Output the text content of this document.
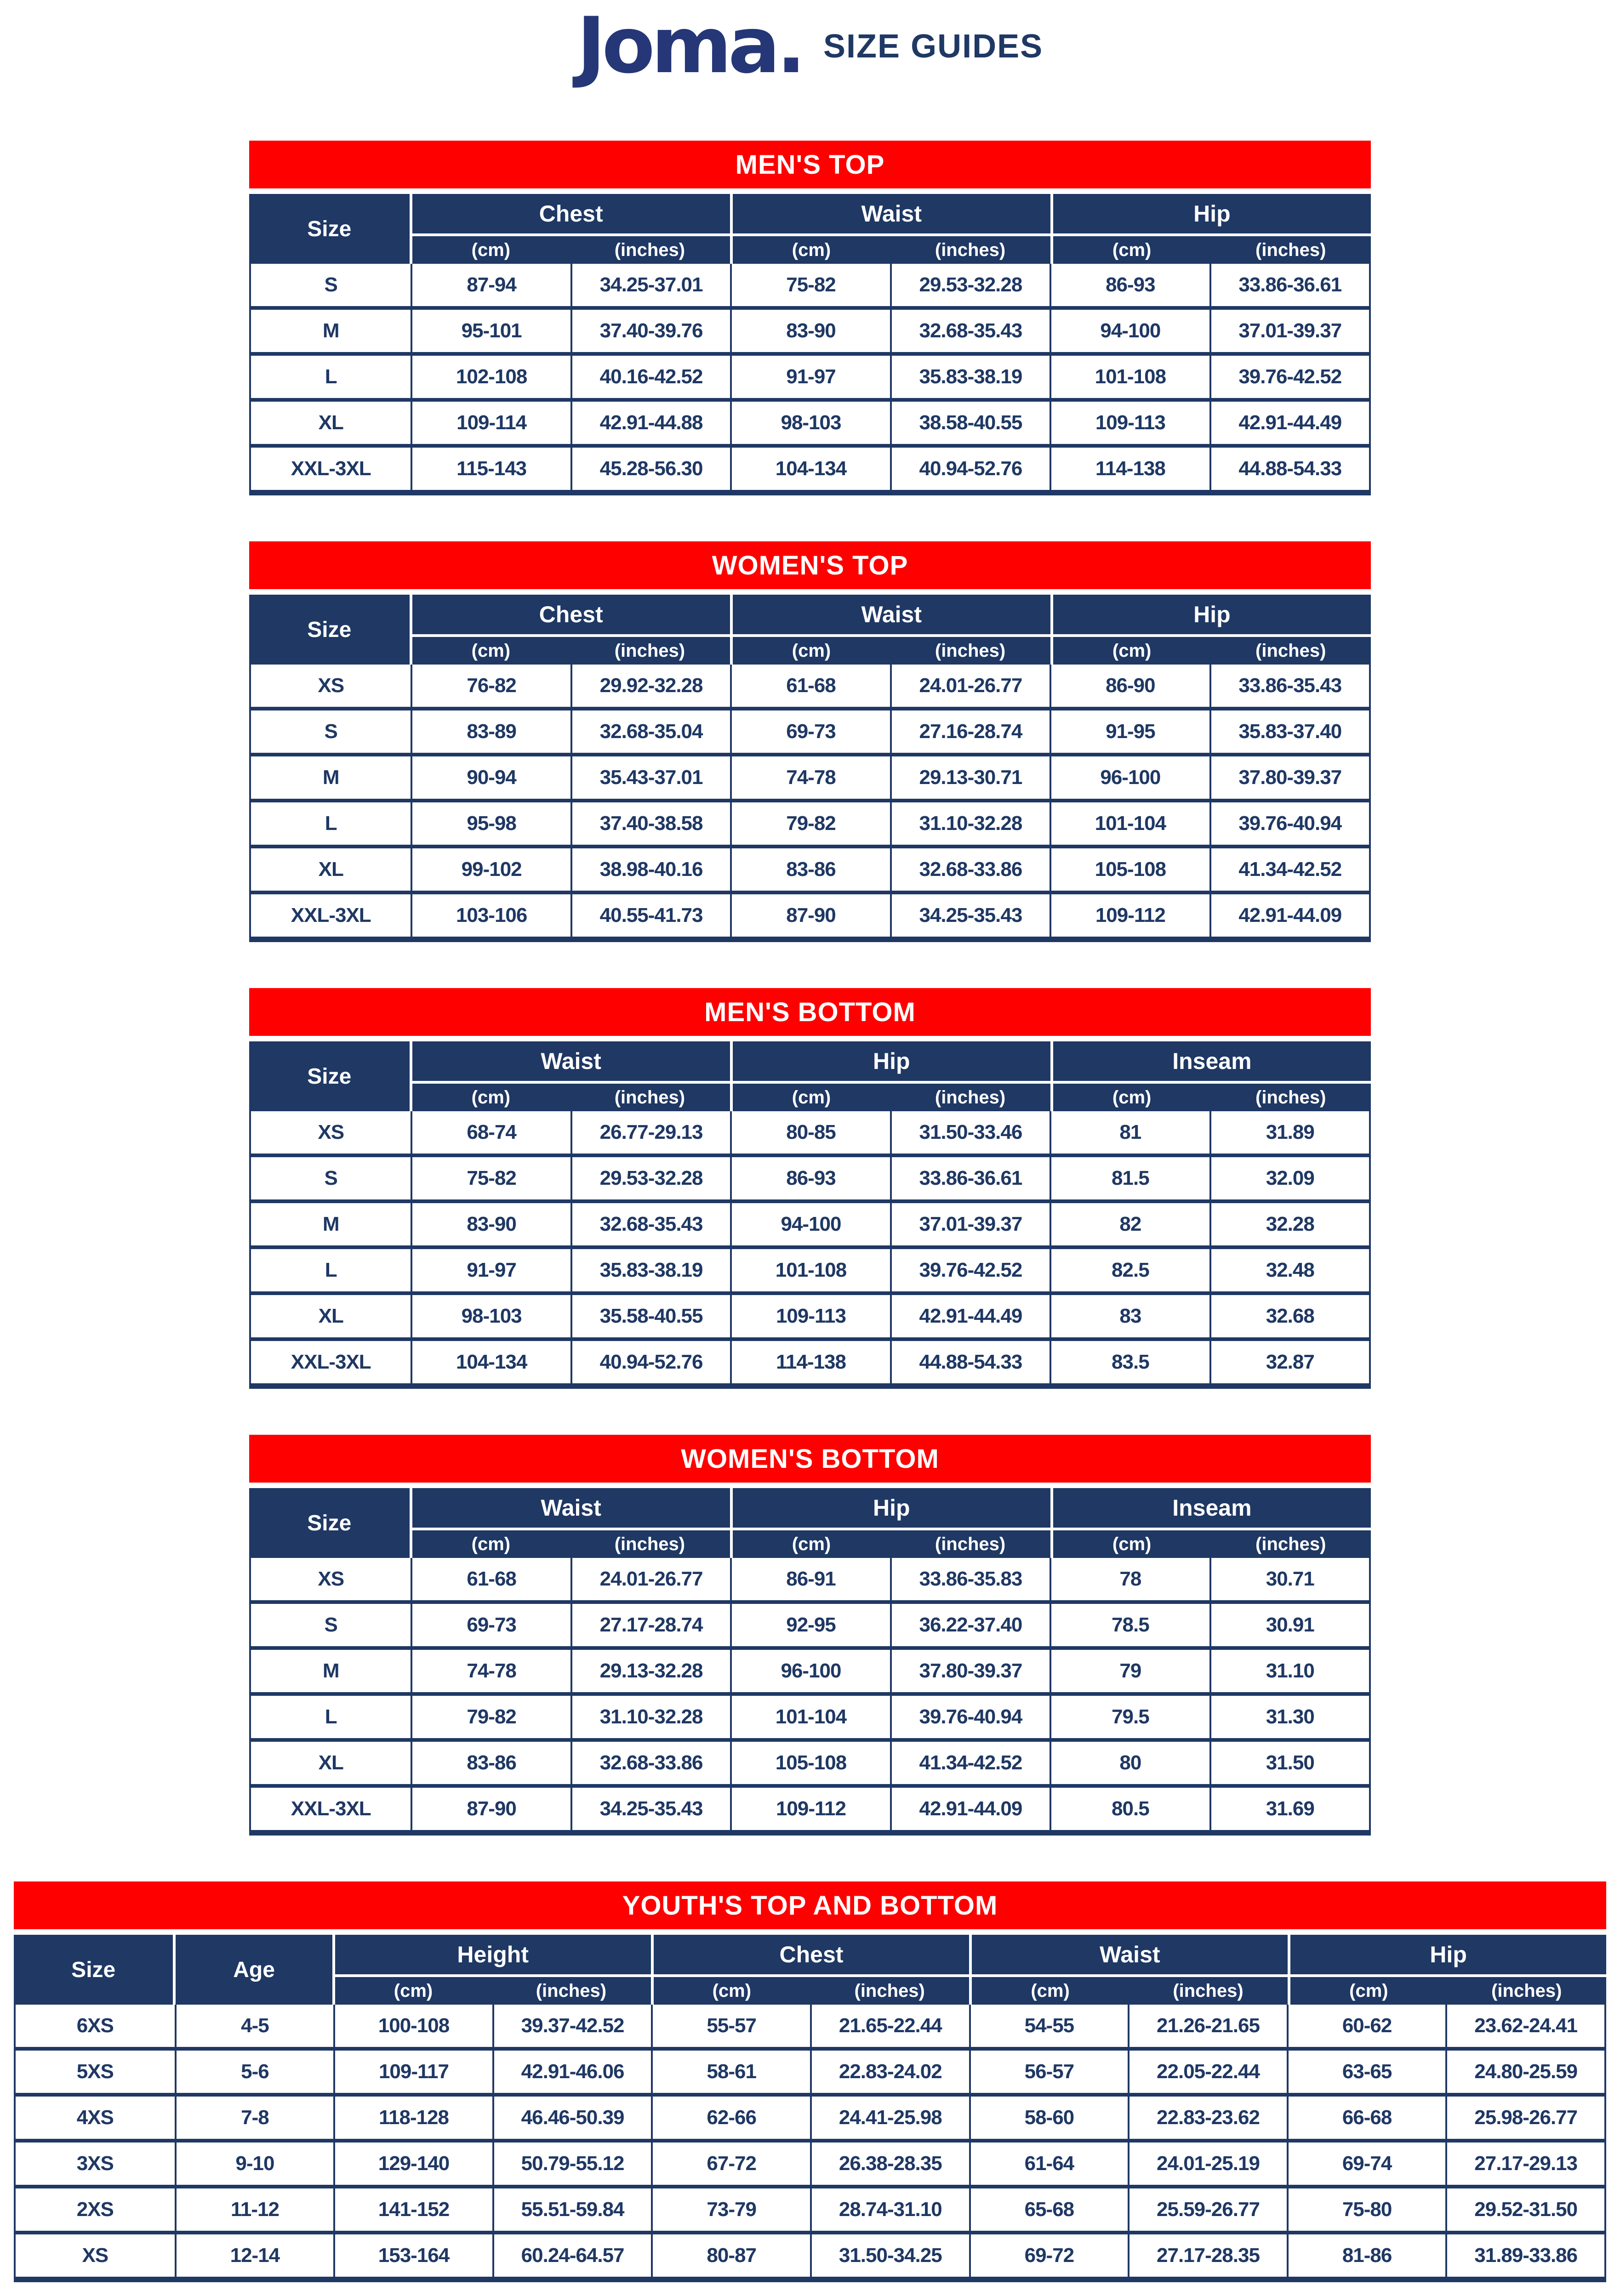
Joma. SIZE GUIDES
MEN'S TOP
Size
Chest	Waist	Hip
(cm)	(inches)	(cm)	(inches)	(cm)	(inches)
S	87-94	34.25-37.01	75-82	29.53-32.28	86-93	33.86-36.61
M	95-101	37.40-39.76	83-90	32.68-35.43	94-100	37.01-39.37
L	102-108	40.16-42.52	91-97	35.83-38.19	101-108	39.76-42.52
XL	109-114	42.91-44.88	98-103	38.58-40.55	109-113	42.91-44.49
XXL-3XL	115-143	45.28-56.30	104-134	40.94-52.76	114-138	44.88-54.33
WOMEN'S TOP
Size
Chest	Waist	Hip
(cm)	(inches)	(cm)	(inches)	(cm)	(inches)
XS	76-82	29.92-32.28	61-68	24.01-26.77	86-90	33.86-35.43
S	83-89	32.68-35.04	69-73	27.16-28.74	91-95	35.83-37.40
M	90-94	35.43-37.01	74-78	29.13-30.71	96-100	37.80-39.37
L	95-98	37.40-38.58	79-82	31.10-32.28	101-104	39.76-40.94
XL	99-102	38.98-40.16	83-86	32.68-33.86	105-108	41.34-42.52
XXL-3XL	103-106	40.55-41.73	87-90	34.25-35.43	109-112	42.91-44.09
MEN'S BOTTOM
Size
Waist	Hip	Inseam
(cm)	(inches)	(cm)	(inches)	(cm)	(inches)
XS	68-74	26.77-29.13	80-85	31.50-33.46	81	31.89
S	75-82	29.53-32.28	86-93	33.86-36.61	81.5	32.09
M	83-90	32.68-35.43	94-100	37.01-39.37	82	32.28
L	91-97	35.83-38.19	101-108	39.76-42.52	82.5	32.48
XL	98-103	35.58-40.55	109-113	42.91-44.49	83	32.68
XXL-3XL	104-134	40.94-52.76	114-138	44.88-54.33	83.5	32.87
WOMEN'S BOTTOM
Size
Waist	Hip	Inseam
(cm)	(inches)	(cm)	(inches)	(cm)	(inches)
XS	61-68	24.01-26.77	86-91	33.86-35.83	78	30.71
S	69-73	27.17-28.74	92-95	36.22-37.40	78.5	30.91
M	74-78	29.13-32.28	96-100	37.80-39.37	79	31.10
L	79-82	31.10-32.28	101-104	39.76-40.94	79.5	31.30
XL	83-86	32.68-33.86	105-108	41.34-42.52	80	31.50
XXL-3XL	87-90	34.25-35.43	109-112	42.91-44.09	80.5	31.69
YOUTH'S TOP AND BOTTOM
Size	Age
Height	Chest	Waist	Hip
(cm)	(inches)	(cm)	(inches)	(cm)	(inches)	(cm)	(inches)
6XS	4-5	100-108	39.37-42.52	55-57	21.65-22.44	54-55	21.26-21.65	60-62	23.62-24.41
5XS	5-6	109-117	42.91-46.06	58-61	22.83-24.02	56-57	22.05-22.44	63-65	24.80-25.59
4XS	7-8	118-128	46.46-50.39	62-66	24.41-25.98	58-60	22.83-23.62	66-68	25.98-26.77
3XS	9-10	129-140	50.79-55.12	67-72	26.38-28.35	61-64	24.01-25.19	69-74	27.17-29.13
2XS	11-12	141-152	55.51-59.84	73-79	28.74-31.10	65-68	25.59-26.77	75-80	29.52-31.50
XS	12-14	153-164	60.24-64.57	80-87	31.50-34.25	69-72	27.17-28.35	81-86	31.89-33.86
